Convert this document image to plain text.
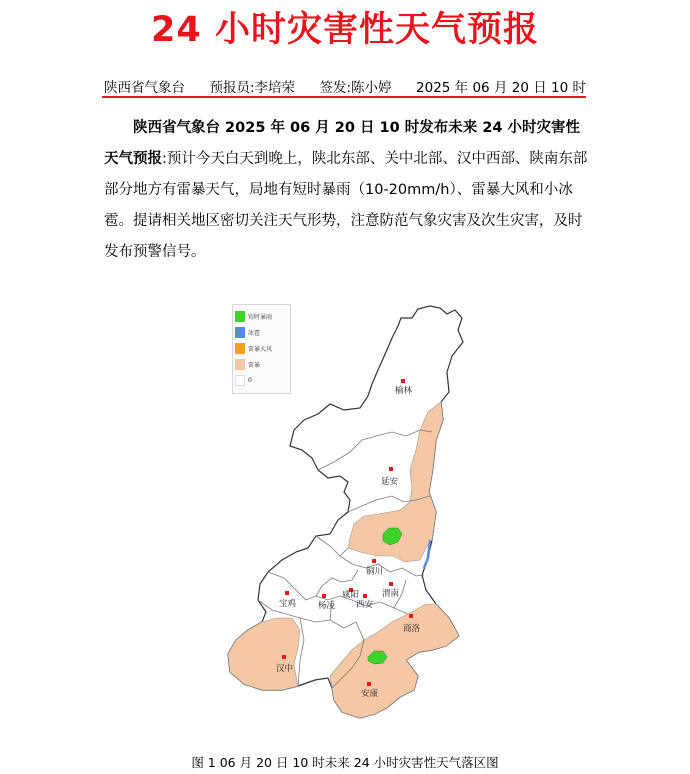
24 小时灾害性天气预报
陕西省气象台 预报员:李培荣 签发:陈小婷 2025 年 06 月 20 日 10 时

陕西省气象台 2025 年 06 月 20 日 10 时发布未来 24 小时灾害性天气预报:预计今天白天到晚上，陕北东部、关中北部、汉中西部、陕南东部部分地方有雷暴天气，局地有短时暴雨（10-20mm/h）、雷暴大风和小冰雹。提请相关地区密切关注天气形势，注意防范气象灾害及次生灾害，及时发布预警信号。

榆林
延安
铜川
宝鸡	杨凌
咸阳
西安
渭南
商洛
汉中
安康
短时暴雨
冰雹
雷暴大风
雷暴
0
图 1 06 月 20 日 10 时未来 24 小时灾害性天气落区图
